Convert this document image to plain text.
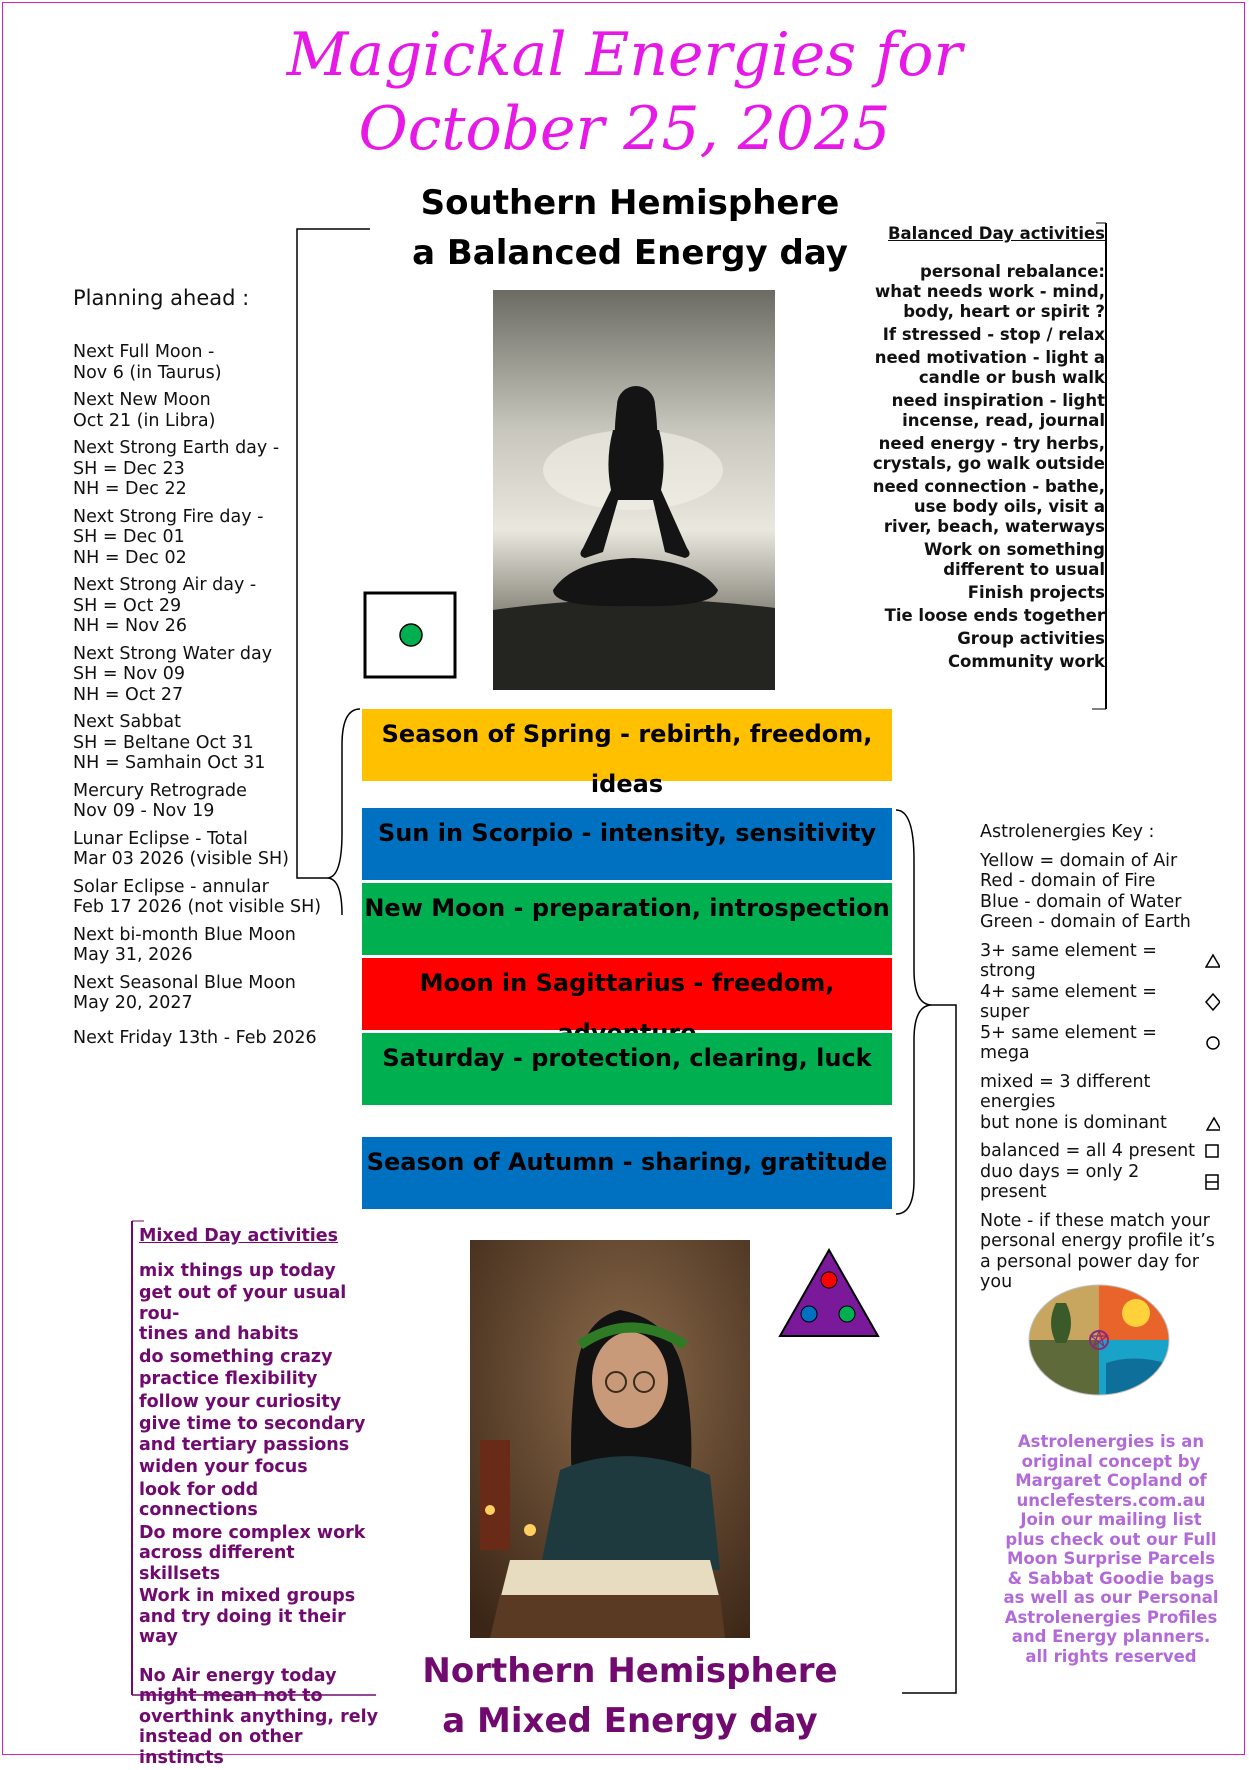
Magickal Energies for
October 25, 2025
Southern Hemisphere
a Balanced Energy day
Planning ahead :
Next Full Moon -
Nov 6 (in Taurus)
Next New Moon
Oct 21 (in Libra)
Next Strong Earth day -
SH = Dec 23
NH = Dec 22
Next Strong Fire day -
SH = Dec 01
NH = Dec 02
Next Strong Air day -
SH = Oct 29
NH = Nov 26
Next Strong Water day
SH = Nov 09
NH = Oct 27
Next Sabbat
SH = Beltane Oct 31
NH = Samhain Oct 31
Mercury Retrograde
Nov 09 - Nov 19
Lunar Eclipse - Total
Mar 03 2026 (visible SH)
Solar Eclipse - annular
Feb 17 2026 (not visible SH)
Next bi-month Blue Moon
May 31, 2026
Next Seasonal Blue Moon
May 20, 2027
Next Friday 13th - Feb 2026
Balanced Day activities
personal rebalance:
what needs work - mind,
body, heart or spirit ?
If stressed - stop / relax
need motivation - light a
candle or bush walk
need inspiration - light
incense, read, journal
need energy - try herbs,
crystals, go walk outside
need connection - bathe,
use body oils, visit a
river, beach, waterways
Work on something
different to usual
Finish projects
Tie loose ends together
Group activities
Community work
Season of Spring - rebirth, freedom, ideas
Sun in Scorpio - intensity, sensitivity
New Moon - preparation, introspection
Moon in Sagittarius - freedom,
Saturday - protection, clearing, luck
Season of Autumn - sharing, gratitude
Astrolenergies Key :
Yellow = domain of Air
Red - domain of Fire
Blue - domain of Water
Green - domain of Earth
3+ same element = strong
4+ same element = super
5+ same element = mega
mixed = 3 different energies
but none is dominant
balanced = all 4 present
duo days = only 2 present
Note - if these match your personal energy profile it’s a personal power day for you
Astrolenergies is an
original concept by
Margaret Copland of
unclefesters.com.au
Join our mailing list
plus check out our Full
Moon Surprise Parcels
& Sabbat Goodie bags
as well as our Personal
Astrolenergies Profiles
and Energy planners.
all rights reserved
Mixed Day activities
mix things up today
get out of your usual rou-
tines and habits
do something crazy
practice flexibility
follow your curiosity
give time to secondary
and tertiary passions
widen your focus
look for odd connections
Do more complex work
across different skillsets
Work in mixed groups
and try doing it their way
No Air energy today
might mean not to
overthink anything, rely
instead on other instincts
Northern Hemisphere
a Mixed Energy day
